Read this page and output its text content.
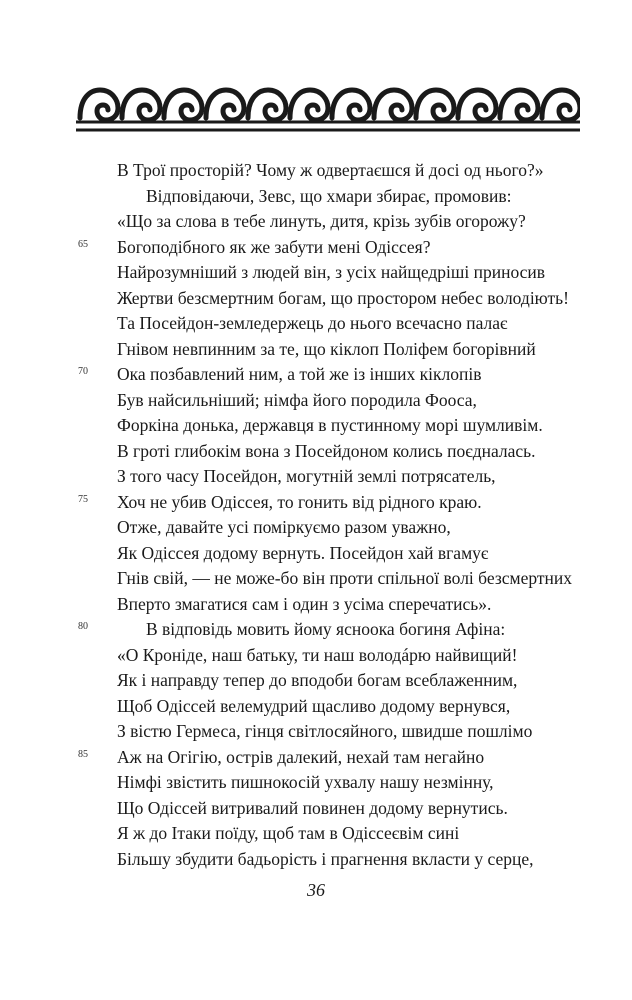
В Трої просторій? Чому ж одвертаєшся й досі од нього?»
Відповідаючи, Зевс, що хмари збирає, промовив:
«Що за слова в тебе линуть, дитя, крізь зубів огорожу?
65 Богоподібного як же забути мені Одіссея?
Найрозумніший з людей він, з усіх найщедріші приносив
Жертви безсмертним богам, що простором небес володіють!
Та Посейдон-земледержець до нього всечасно палає
Гнівом невпинним за те, що кіклоп Поліфем богорівний
70 Ока позбавлений ним, а той же із інших кіклопів
Був найсильніший; німфа його породила Фооса,
Форкіна донька, державця в пустинному морі шумливім.
В гроті глибокім вона з Посейдоном колись поєдналась.
З того часу Посейдон, могутній землі потрясатель,
75 Хоч не убив Одіссея, то гонить від рідного краю.
Отже, давайте усі поміркуємо разом уважно,
Як Одіссея додому вернуть. Посейдон хай вгамує
Гнів свій, — не може-бо він проти спільної волі безсмертних
Вперто змагатися сам і один з усіма сперечатись».
80	В відповідь мовить йому ясноока богиня Афіна:
«О Кроніде, наш батьку, ти наш володáрю найвищий!
Як і направду тепер до вподоби богам всеблаженним,
Щоб Одіссей велемудрий щасливо додому вернувся,
З вістю Гермеса, гінця світлосяйного, швидше пошлімо
85 Аж на Огігію, острів далекий, нехай там негайно
Німфі звістить пишнокосій ухвалу нашу незмінну,
Що Одіссей витривалий повинен додому вернутись.
Я ж до Ітаки поїду, щоб там в Одіссеєвім сині
Більшу збудити бадьорість і прагнення вкласти у серце,
36
